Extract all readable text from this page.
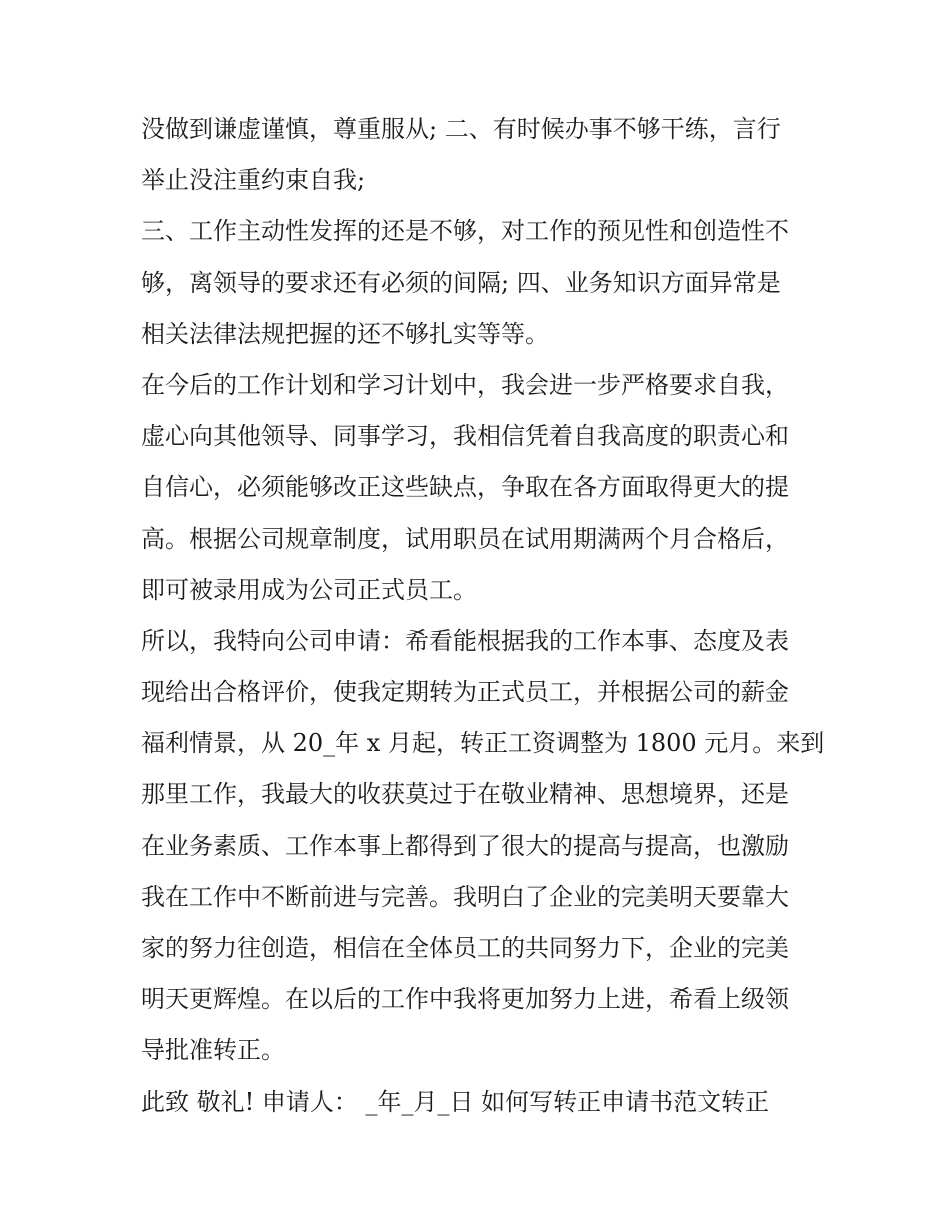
没做到谦虚谨慎，尊重服从; 二、有时候办事不够干练，言行
举止没注重约束自我;
三、工作主动性发挥的还是不够，对工作的预见性和创造性不
够，离领导的要求还有必须的间隔; 四、业务知识方面异常是
相关法律法规把握的还不够扎实等等。
在今后的工作计划和学习计划中，我会进一步严格要求自我，
虚心向其他领导、同事学习，我相信凭着自我高度的职责心和
自信心，必须能够改正这些缺点，争取在各方面取得更大的提
高。根据公司规章制度，试用职员在试用期满两个月合格后，
即可被录用成为公司正式员工。
所以，我特向公司申请：希看能根据我的工作本事、态度及表
现给出合格评价，使我定期转为正式员工，并根据公司的薪金
福利情景，从 20_年 x 月起，转正工资调整为 1800 元月。来到
那里工作，我最大的收获莫过于在敬业精神、思想境界，还是
在业务素质、工作本事上都得到了很大的提高与提高，也激励
我在工作中不断前进与完善。我明白了企业的完美明天要靠大
家的努力往创造，相信在全体员工的共同努力下，企业的完美
明天更辉煌。在以后的工作中我将更加努力上进，希看上级领
导批准转正。
此致 敬礼! 申请人： _年_月_日 如何写转正申请书范文转正
